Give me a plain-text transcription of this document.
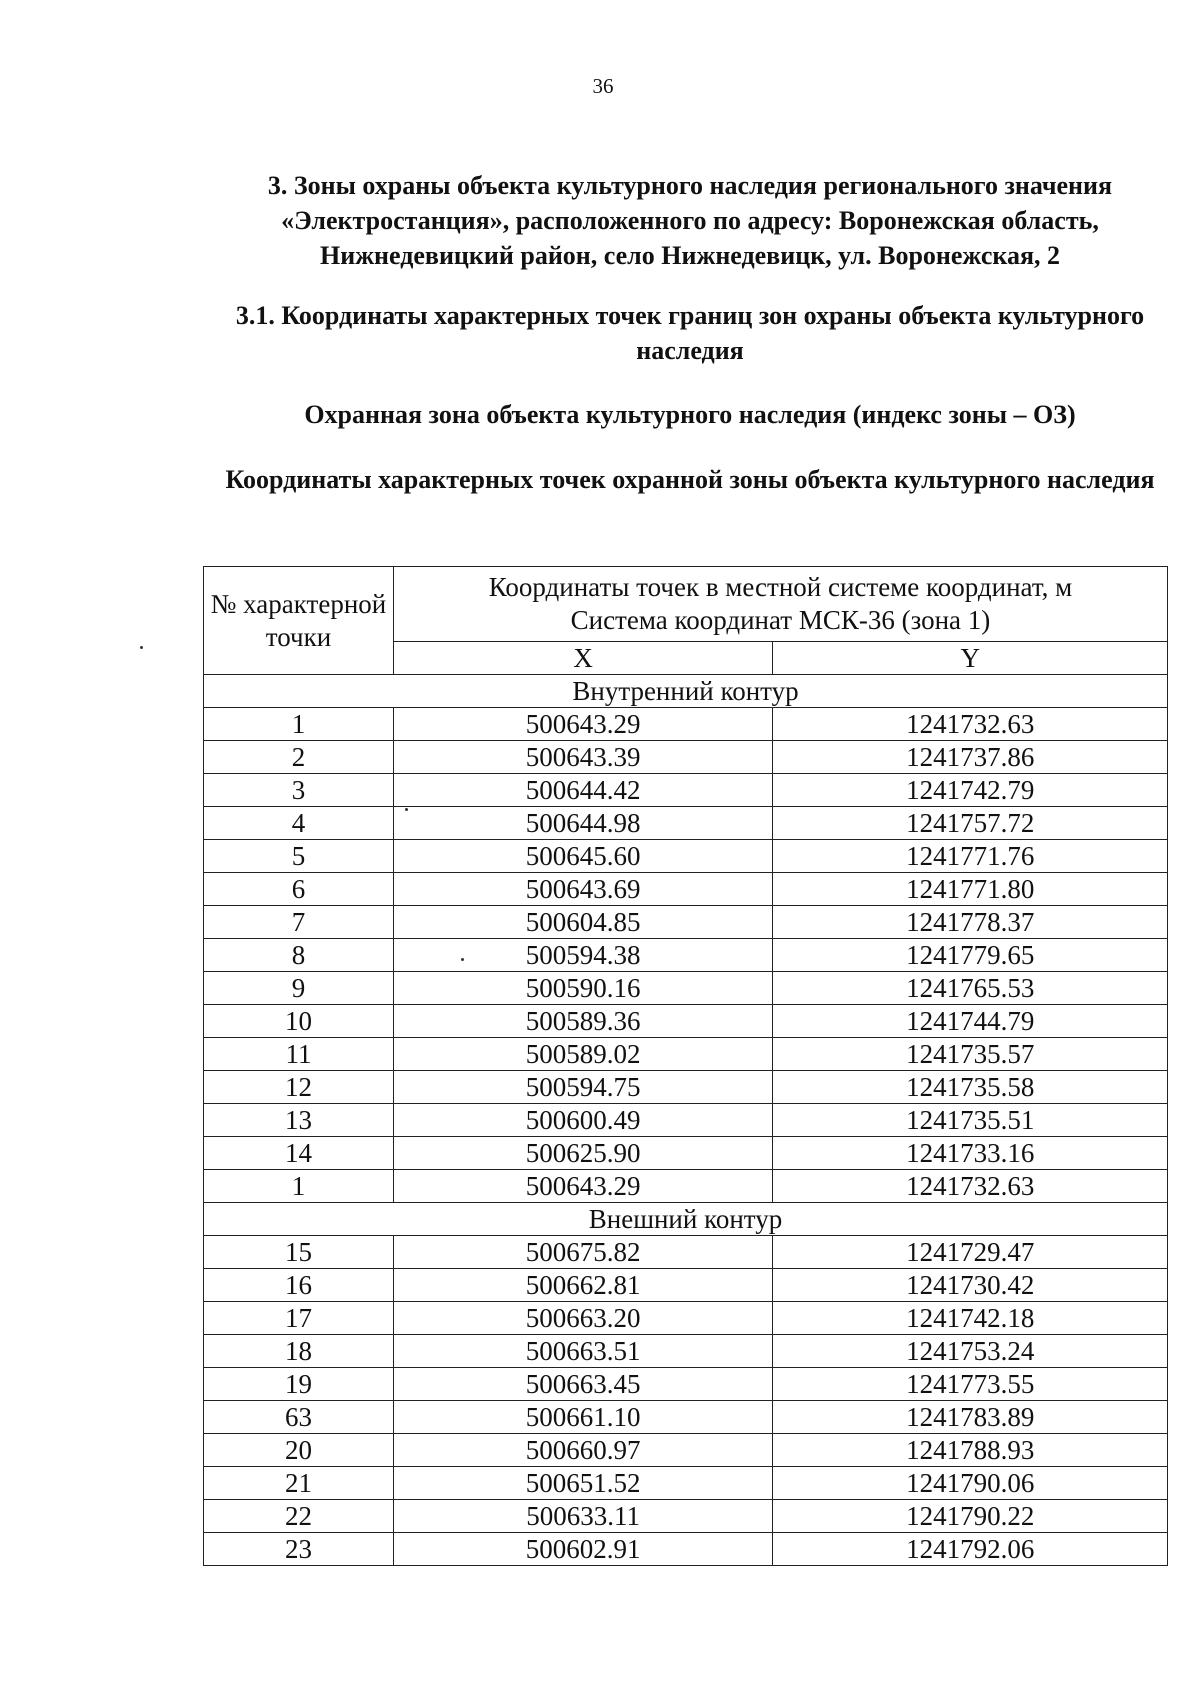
36
3. Зоны охраны объекта культурного наследия регионального значения «Электростанция», расположенного по адресу: Воронежская область, Нижнедевицкий район, село Нижнедевицк, ул. Воронежская, 2
3.1. Координаты характерных точек границ зон охраны объекта культурного наследия
Охранная зона объекта культурного наследия (индекс зоны – ОЗ)
Координаты характерных точек охранной зоны объекта культурного наследия
№ характерной точки	Координаты точек в местной системе координат, м
Система координат МСК-36 (зона 1)	

	X	Y
Внутренний контур		
1	500643.29	1241732.63
2	500643.39	1241737.86
3	500644.42	1241742.79
4	500644.98	1241757.72
5	500645.60	1241771.76
6	500643.69	1241771.80
7	500604.85	1241778.37
8	500594.38	1241779.65
9	500590.16	1241765.53
10	500589.36	1241744.79
11	500589.02	1241735.57
12	500594.75	1241735.58
13	500600.49	1241735.51
14	500625.90	1241733.16
1	500643.29	1241732.63
Внешний контур		
15	500675.82	1241729.47
16	500662.81	1241730.42
17	500663.20	1241742.18
18	500663.51	1241753.24
19	500663.45	1241773.55
63	500661.10	1241783.89
20	500660.97	1241788.93
21	500651.52	1241790.06
22	500633.11	1241790.22
23	500602.91	1241792.06
